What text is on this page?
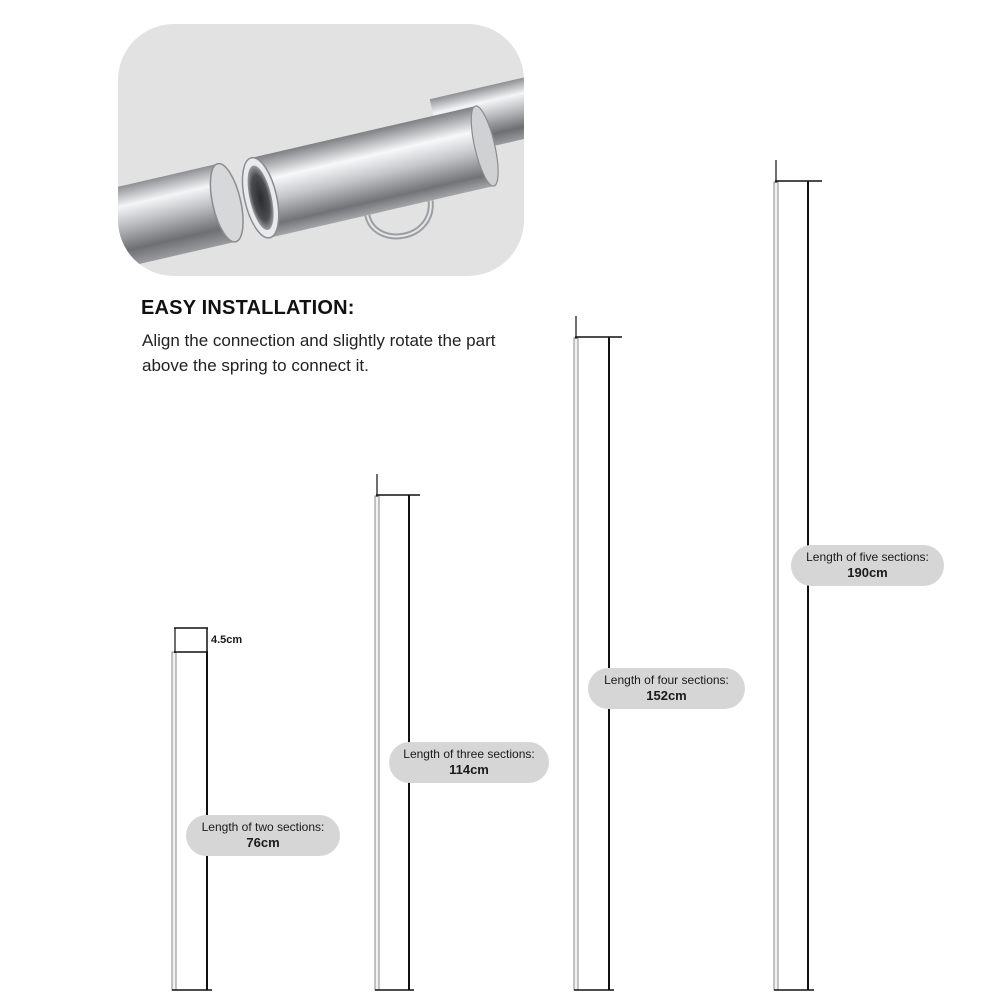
EASY INSTALLATION:

Align the connection and slightly rotate the part above the spring to connect it.

4.5cm
Length of two sections:
76cm
Length of three sections:
114cm
Length of four sections:
152cm
Length of five sections:
190cm
